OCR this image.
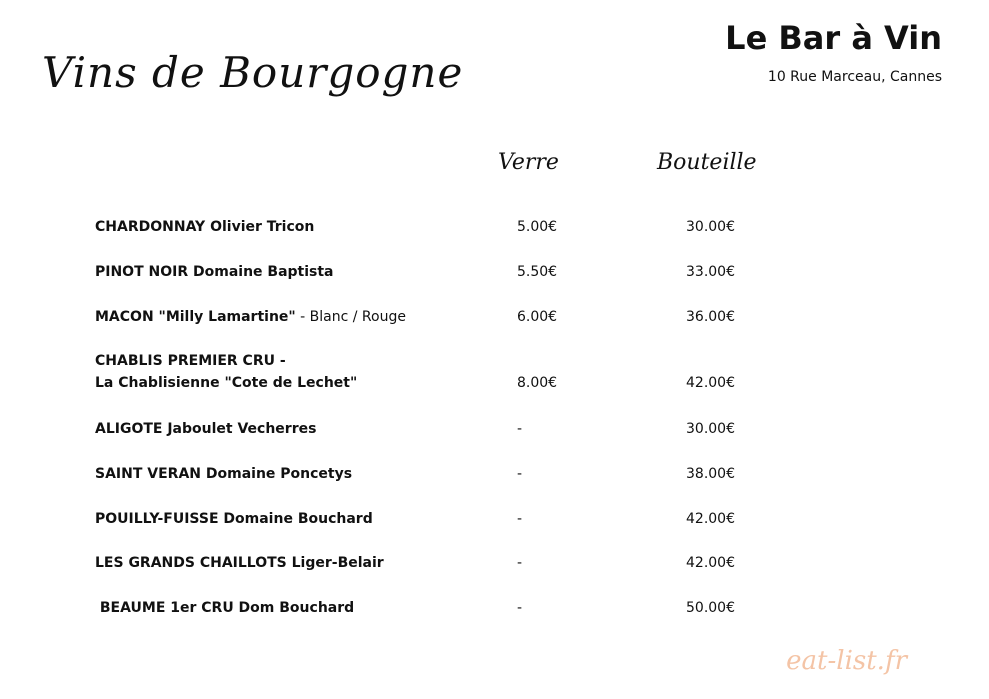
Vins de Bourgogne
Le Bar à Vin
10 Rue Marceau, Cannes
Verre	Bouteille
CHARDONNAY Olivier Tricon	5.00€	30.00€
PINOT NOIR Domaine Baptista	5.50€	33.00€
MACON "Milly Lamartine" - Blanc / Rouge	6.00€	36.00€
CHABLIS PREMIER CRU -
La Chablisienne "Cote de Lechet"	8.00€	42.00€
ALIGOTE Jaboulet Vecherres	-	30.00€
SAINT VERAN Domaine Poncetys	-	38.00€
POUILLY-FUISSE Domaine Bouchard	-	42.00€
LES GRANDS CHAILLOTS Liger-Belair	-	42.00€
BEAUME 1er CRU Dom Bouchard	-	50.00€
eat-list.fr
